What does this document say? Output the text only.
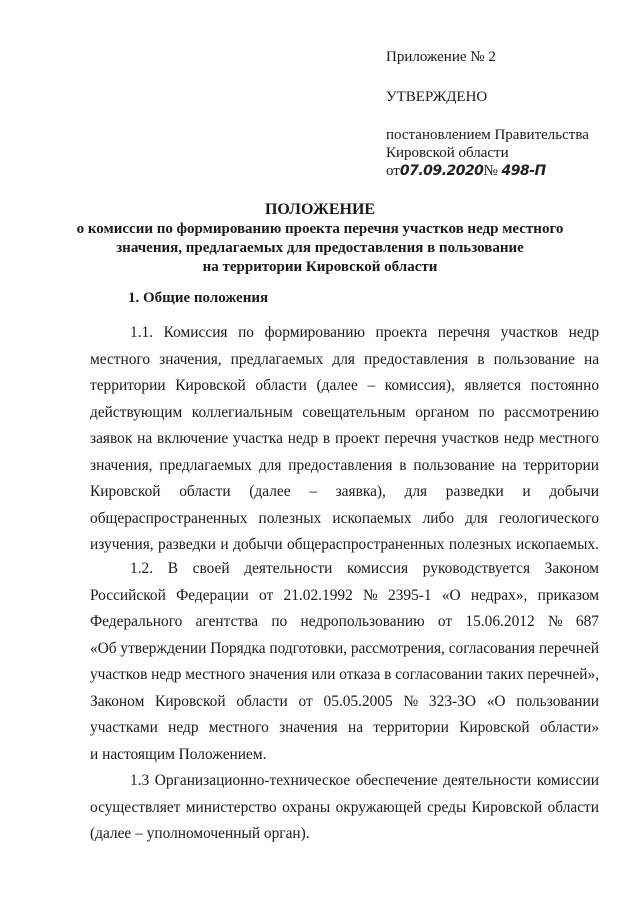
Приложение № 2
УТВЕРЖДЕНО
постановлением Правительства
Кировской области
от07.09.2020№ 498-П
ПОЛОЖЕНИЕ
о комиссии по формированию проекта перечня участков недр местного
значения, предлагаемых для предоставления в пользование
на территории Кировской области
1. Общие положения
1.1. Комиссия по формированию проекта перечня участков недр
местного значения, предлагаемых для предоставления в пользование на
территории Кировской области (далее – комиссия), является постоянно
действующим коллегиальным совещательным органом по рассмотрению
заявок на включение участка недр в проект перечня участков недр местного
значения, предлагаемых для предоставления в пользование на территории
Кировской области (далее – заявка), для разведки и добычи
общераспространенных полезных ископаемых либо для геологического
изучения, разведки и добычи общераспространенных полезных ископаемых.
1.2. В своей деятельности комиссия руководствуется Законом
Российской Федерации от 21.02.1992 № 2395-1 «О недрах», приказом
Федерального агентства по недропользованию от 15.06.2012 № 687
«Об утверждении Порядка подготовки, рассмотрения, согласования перечней
участков недр местного значения или отказа в согласовании таких перечней»,
Законом Кировской области от 05.05.2005 № 323-ЗО «О пользовании
участками недр местного значения на территории Кировской области»
и настоящим Положением.
1.3 Организационно-техническое обеспечение деятельности комиссии
осуществляет министерство охраны окружающей среды Кировской области
(далее – уполномоченный орган).
